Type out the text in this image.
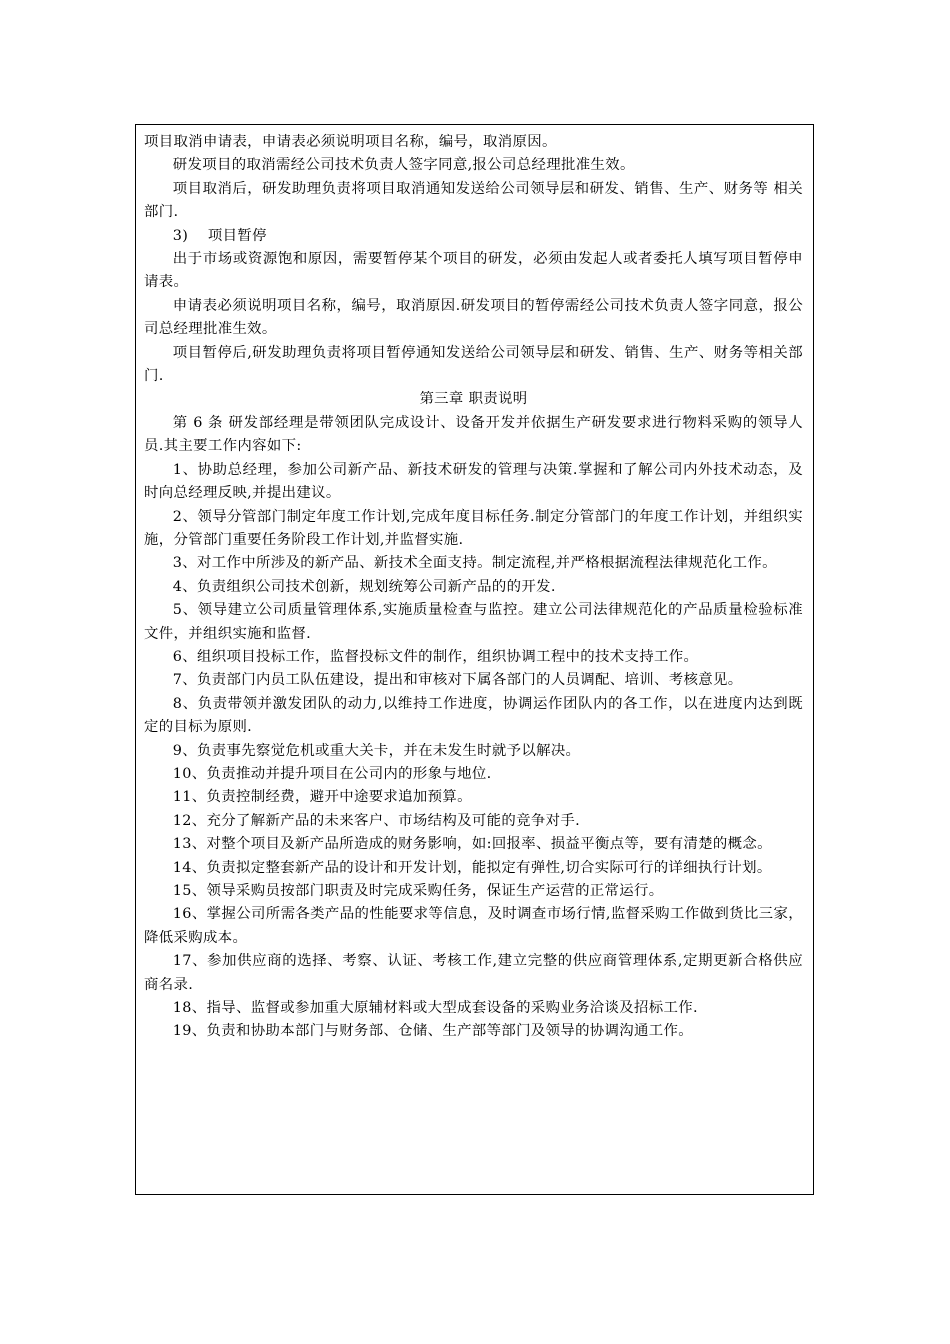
项目取消申请表，申请表必须说明项目名称，编号，取消原因。

研发项目的取消需经公司技术负责人签字同意,报公司总经理批准生效。

项目取消后，研发助理负责将项目取消通知发送给公司领导层和研发、销售、生产、财务等 相关部门.

3)　 项目暂停

出于市场或资源饱和原因，需要暂停某个项目的研发，必须由发起人或者委托人填写项目暂停申请表。

申请表必须说明项目名称，编号，取消原因.研发项目的暂停需经公司技术负责人签字同意，报公司总经理批准生效。

项目暂停后,研发助理负责将项目暂停通知发送给公司领导层和研发、销售、生产、财务等相关部门.

第三章 职责说明

第 6 条 研发部经理是带领团队完成设计、设备开发并依据生产研发要求进行物料采购的领导人员.其主要工作内容如下:

1、协助总经理，参加公司新产品、新技术研发的管理与决策.掌握和了解公司内外技术动态，及时向总经理反映,并提出建议。

2、领导分管部门制定年度工作计划,完成年度目标任务.制定分管部门的年度工作计划，并组织实施，分管部门重要任务阶段工作计划,并监督实施.

3、对工作中所涉及的新产品、新技术全面支持。制定流程,并严格根据流程法律规范化工作。

4、负责组织公司技术创新，规划统筹公司新产品的的开发.

5、领导建立公司质量管理体系,实施质量检查与监控。建立公司法律规范化的产品质量检验标准文件，并组织实施和监督.

6、组织项目投标工作，监督投标文件的制作，组织协调工程中的技术支持工作。

7、负责部门内员工队伍建设，提出和审核对下属各部门的人员调配、培训、考核意见。

8、负责带领并激发团队的动力,以维持工作进度，协调运作团队内的各工作，以在进度内达到既定的目标为原则.

9、负责事先察觉危机或重大关卡，并在未发生时就予以解决。

10、负责推动并提升项目在公司内的形象与地位.

11、负责控制经费，避开中途要求追加预算。

12、充分了解新产品的未来客户、市场结构及可能的竞争对手.

13、对整个项目及新产品所造成的财务影响，如:回报率、损益平衡点等，要有清楚的概念。

14、负责拟定整套新产品的设计和开发计划，能拟定有弹性,切合实际可行的详细执行计划。

15、领导采购员按部门职责及时完成采购任务，保证生产运营的正常运行。

16、掌握公司所需各类产品的性能要求等信息，及时调查市场行情,监督采购工作做到货比三家，降低采购成本。

17、参加供应商的选择、考察、认证、考核工作,建立完整的供应商管理体系,定期更新合格供应商名录.

18、指导、监督或参加重大原辅材料或大型成套设备的采购业务洽谈及招标工作.

19、负责和协助本部门与财务部、仓储、生产部等部门及领导的协调沟通工作。
